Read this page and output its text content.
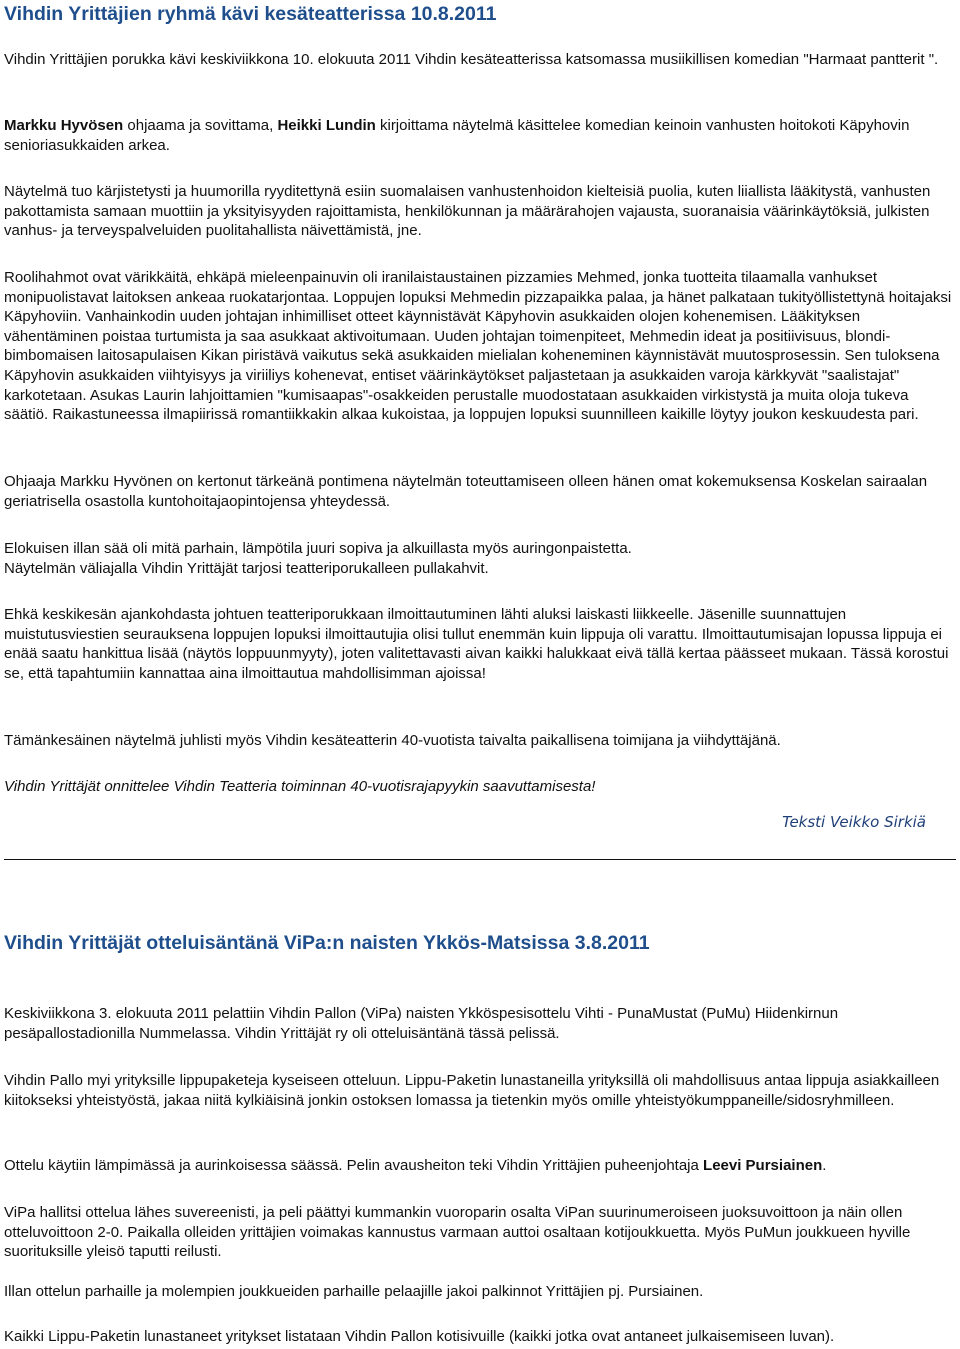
Vihdin Yrittäjien ryhmä kävi kesäteatterissa 10.8.2011

Vihdin Yrittäjien porukka kävi keskiviikkona 10. elokuuta 2011 Vihdin kesäteatterissa katsomassa musiikillisen komedian "Harmaat pantterit ".

Markku Hyvösen ohjaama ja sovittama, Heikki Lundin kirjoittama näytelmä käsittelee komedian keinoin vanhusten hoitokoti Käpyhovin senioriasukkaiden arkea.

Näytelmä tuo kärjistetysti ja huumorilla ryyditettynä esiin suomalaisen vanhustenhoidon kielteisiä puolia, kuten liiallista lääkitystä, vanhusten pakottamista samaan muottiin ja yksityisyyden rajoittamista, henkilökunnan ja määrärahojen vajausta, suoranaisia väärinkäytöksiä, julkisten vanhus- ja terveyspalveluiden puolitahallista näivettämistä, jne.

Roolihahmot ovat värikkäitä, ehkäpä mieleenpainuvin oli iranilaistaustainen pizzamies Mehmed, jonka tuotteita tilaamalla vanhukset monipuolistavat laitoksen ankeaa ruokatarjontaa. Loppujen lopuksi Mehmedin pizzapaikka palaa, ja hänet palkataan tukityöllistettynä hoitajaksi Käpyhoviin. Vanhainkodin uuden johtajan inhimilliset otteet käynnistävät Käpyhovin asukkaiden olojen kohenemisen. Lääkityksen vähentäminen poistaa turtumista ja saa asukkaat aktivoitumaan. Uuden johtajan toimenpiteet, Mehmedin ideat ja positiivisuus, blondi-bimbomaisen laitosapulaisen Kikan piristävä vaikutus sekä asukkaiden mielialan koheneminen käynnistävät muutosprosessin. Sen tuloksena Käpyhovin asukkaiden viihtyisyys ja viriiliys kohenevat, entiset väärinkäytökset paljastetaan ja asukkaiden varoja kärkkyvät "saalistajat" karkotetaan. Asukas Laurin lahjoittamien "kumisaapas"-osakkeiden perustalle muodostataan asukkaiden virkistystä ja muita oloja tukeva säätiö. Raikastuneessa ilmapiirissä romantiikkakin alkaa kukoistaa, ja loppujen lopuksi suunnilleen kaikille löytyy joukon keskuudesta pari.

Ohjaaja Markku Hyvönen on kertonut tärkeänä pontimena näytelmän toteuttamiseen olleen hänen omat kokemuksensa Koskelan sairaalan geriatrisella osastolla kuntohoitajaopintojensa yhteydessä.

Elokuisen illan sää oli mitä parhain, lämpötila juuri sopiva ja alkuillasta myös auringonpaistetta.
Näytelmän väliajalla Vihdin Yrittäjät tarjosi teatteriporukalleen pullakahvit.

Ehkä keskikesän ajankohdasta johtuen teatteriporukkaan ilmoittautuminen lähti aluksi laiskasti liikkeelle. Jäsenille suunnattujen muistutusviestien seurauksena loppujen lopuksi ilmoittautujia olisi tullut enemmän kuin lippuja oli varattu. Ilmoittautumisajan lopussa lippuja ei enää saatu hankittua lisää (näytös loppuunmyyty), joten valitettavasti aivan kaikki halukkaat eivä tällä kertaa päässeet mukaan. Tässä korostui se, että tapahtumiin kannattaa aina ilmoittautua mahdollisimman ajoissa!

Tämänkesäinen näytelmä juhlisti myös Vihdin kesäteatterin 40-vuotista taivalta paikallisena toimijana ja viihdyttäjänä.

Vihdin Yrittäjät onnittelee Vihdin Teatteria toiminnan 40-vuotisrajapyykin saavuttamisesta!

Teksti Veikko Sirkiä
Vihdin Yrittäjät otteluisäntänä ViPa:n naisten Ykkös-Matsissa 3.8.2011

Keskiviikkona 3. elokuuta 2011 pelattiin Vihdin Pallon (ViPa) naisten Ykköspesisottelu Vihti - PunaMustat (PuMu) Hiidenkirnun pesäpallostadionilla Nummelassa. Vihdin Yrittäjät ry oli otteluisäntänä tässä pelissä.

Vihdin Pallo myi yrityksille lippupaketeja kyseiseen otteluun. Lippu-Paketin lunastaneilla yrityksillä oli mahdollisuus antaa lippuja asiakkailleen kiitokseksi yhteistyöstä, jakaa niitä kylkiäisinä jonkin ostoksen lomassa ja tietenkin myös omille yhteistyökumppaneille/sidosryhmilleen.

Ottelu käytiin lämpimässä ja aurinkoisessa säässä. Pelin avausheiton teki Vihdin Yrittäjien puheenjohtaja Leevi Pursiainen.

ViPa hallitsi ottelua lähes suvereenisti, ja peli päättyi kummankin vuoroparin osalta ViPan suurinumeroiseen juoksuvoittoon ja näin ollen otteluvoittoon 2-0. Paikalla olleiden yrittäjien voimakas kannustus varmaan auttoi osaltaan kotijoukkuetta. Myös PuMun joukkueen hyville suorituksille yleisö taputti reilusti.

Illan ottelun parhaille ja molempien joukkueiden parhaille pelaajille jakoi palkinnot Yrittäjien pj. Pursiainen.

Kaikki Lippu-Paketin lunastaneet yritykset listataan Vihdin Pallon kotisivuille (kaikki jotka ovat antaneet julkaisemiseen luvan).
